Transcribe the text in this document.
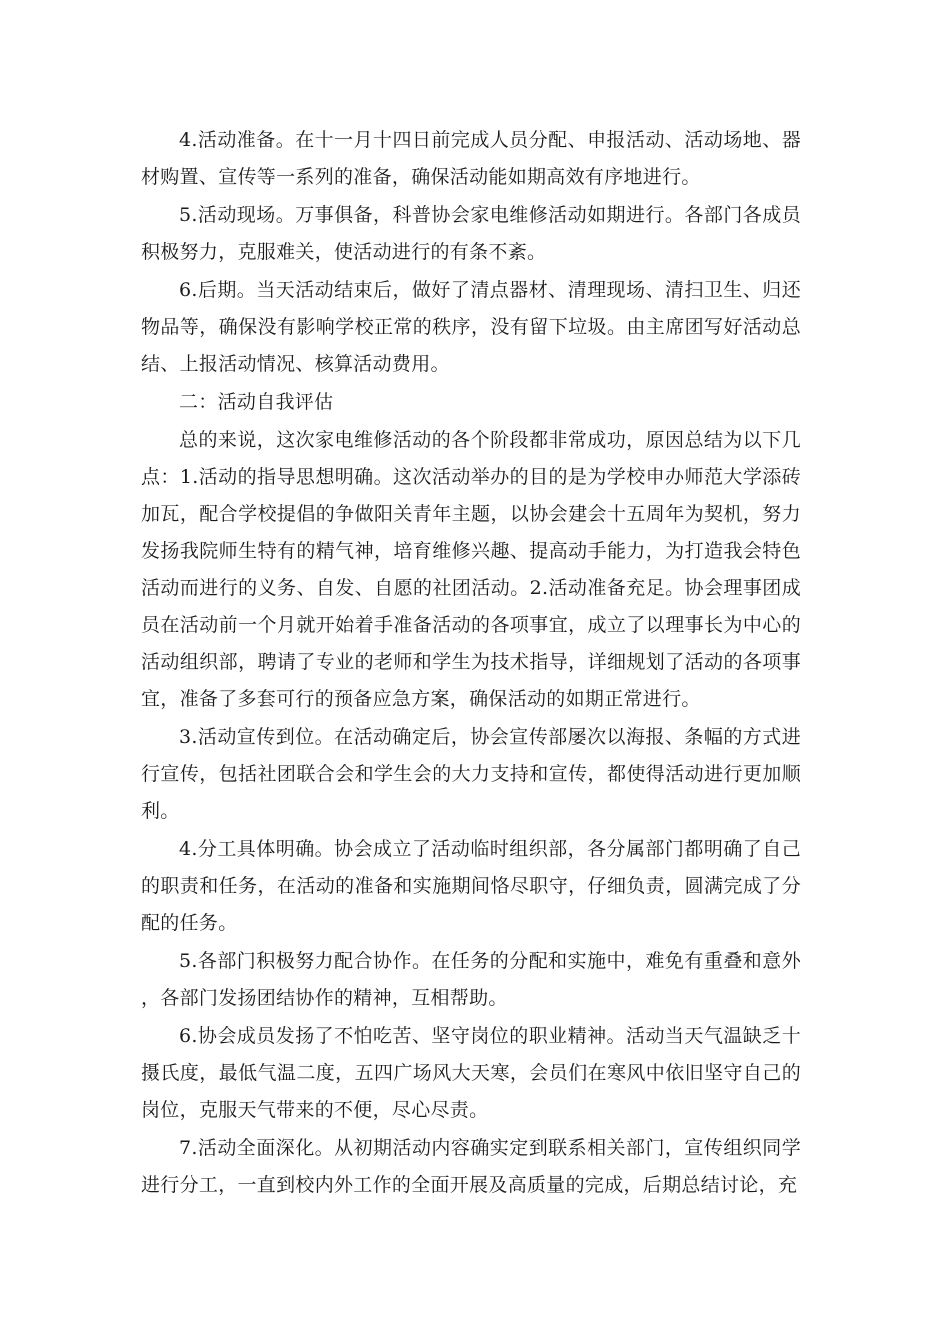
4.活动准备。在十一月十四日前完成人员分配、申报活动、活动场地、器材购置、宣传等一系列的准备，确保活动能如期高效有序地进行。

5.活动现场。万事俱备，科普协会家电维修活动如期进行。各部门各成员积极努力，克服难关，使活动进行的有条不紊。

6.后期。当天活动结束后，做好了清点器材、清理现场、清扫卫生、归还物品等，确保没有影响学校正常的秩序，没有留下垃圾。由主席团写好活动总结、上报活动情况、核算活动费用。

二：活动自我评估

总的来说，这次家电维修活动的各个阶段都非常成功，原因总结为以下几点：1.活动的指导思想明确。这次活动举办的目的是为学校申办师范大学添砖加瓦，配合学校提倡的争做阳关青年主题，以协会建会十五周年为契机，努力发扬我院师生特有的精气神，培育维修兴趣、提高动手能力，为打造我会特色活动而进行的义务、自发、自愿的社团活动。2.活动准备充足。协会理事团成员在活动前一个月就开始着手准备活动的各项事宜，成立了以理事长为中心的活动组织部，聘请了专业的老师和学生为技术指导，详细规划了活动的各项事宜，准备了多套可行的预备应急方案，确保活动的如期正常进行。

3.活动宣传到位。在活动确定后，协会宣传部屡次以海报、条幅的方式进行宣传，包括社团联合会和学生会的大力支持和宣传，都使得活动进行更加顺利。

4.分工具体明确。协会成立了活动临时组织部，各分属部门都明确了自己的职责和任务，在活动的准备和实施期间恪尽职守，仔细负责，圆满完成了分配的任务。

5.各部门积极努力配合协作。在任务的分配和实施中，难免有重叠和意外，各部门发扬团结协作的精神，互相帮助。

6.协会成员发扬了不怕吃苦、坚守岗位的职业精神。活动当天气温缺乏十摄氏度，最低气温二度，五四广场风大天寒，会员们在寒风中依旧坚守自己的岗位，克服天气带来的不便，尽心尽责。

7.活动全面深化。从初期活动内容确实定到联系相关部门，宣传组织同学进行分工，一直到校内外工作的全面开展及高质量的完成，后期总结讨论，充
